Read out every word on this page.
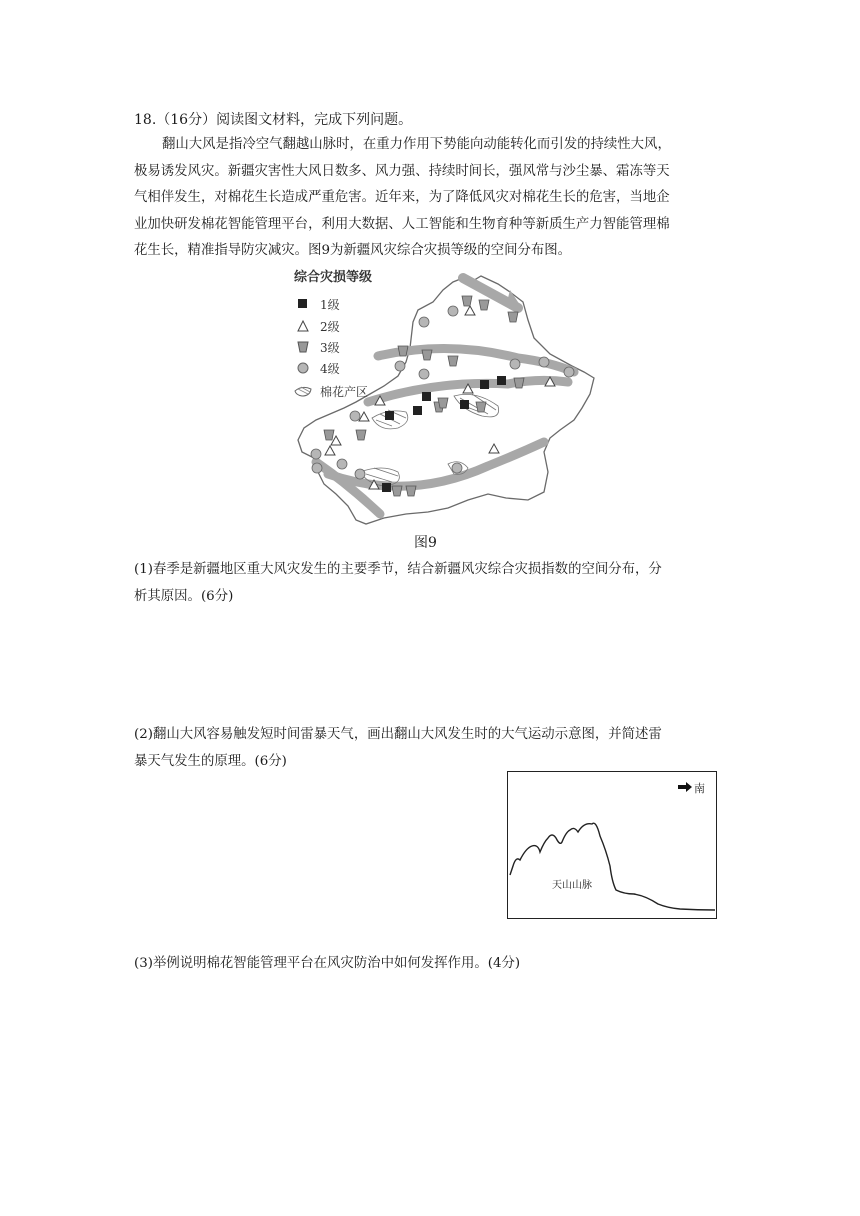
18.（16分）阅读图文材料，完成下列问题。
翻山大风是指冷空气翻越山脉时，在重力作用下势能向动能转化而引发的持续性大风，
极易诱发风灾。新疆灾害性大风日数多、风力强、持续时间长，强风常与沙尘暴、霜冻等天
气相伴发生，对棉花生长造成严重危害。近年来，为了降低风灾对棉花生长的危害，当地企
业加快研发棉花智能管理平台，利用大数据、人工智能和生物育种等新质生产力智能管理棉
花生长，精准指导防灾减灾。图9为新疆风灾综合灾损等级的空间分布图。
综合灾损等级
1级
2级
3级
4级
棉花产区
图9
(1)春季是新疆地区重大风灾发生的主要季节，结合新疆风灾综合灾损指数的空间分布，分
析其原因。(6分)
(2)翻山大风容易触发短时间雷暴天气，画出翻山大风发生时的大气运动示意图，并简述雷
暴天气发生的原理。(6分)
南
天山山脉
(3)举例说明棉花智能管理平台在风灾防治中如何发挥作用。(4分)
